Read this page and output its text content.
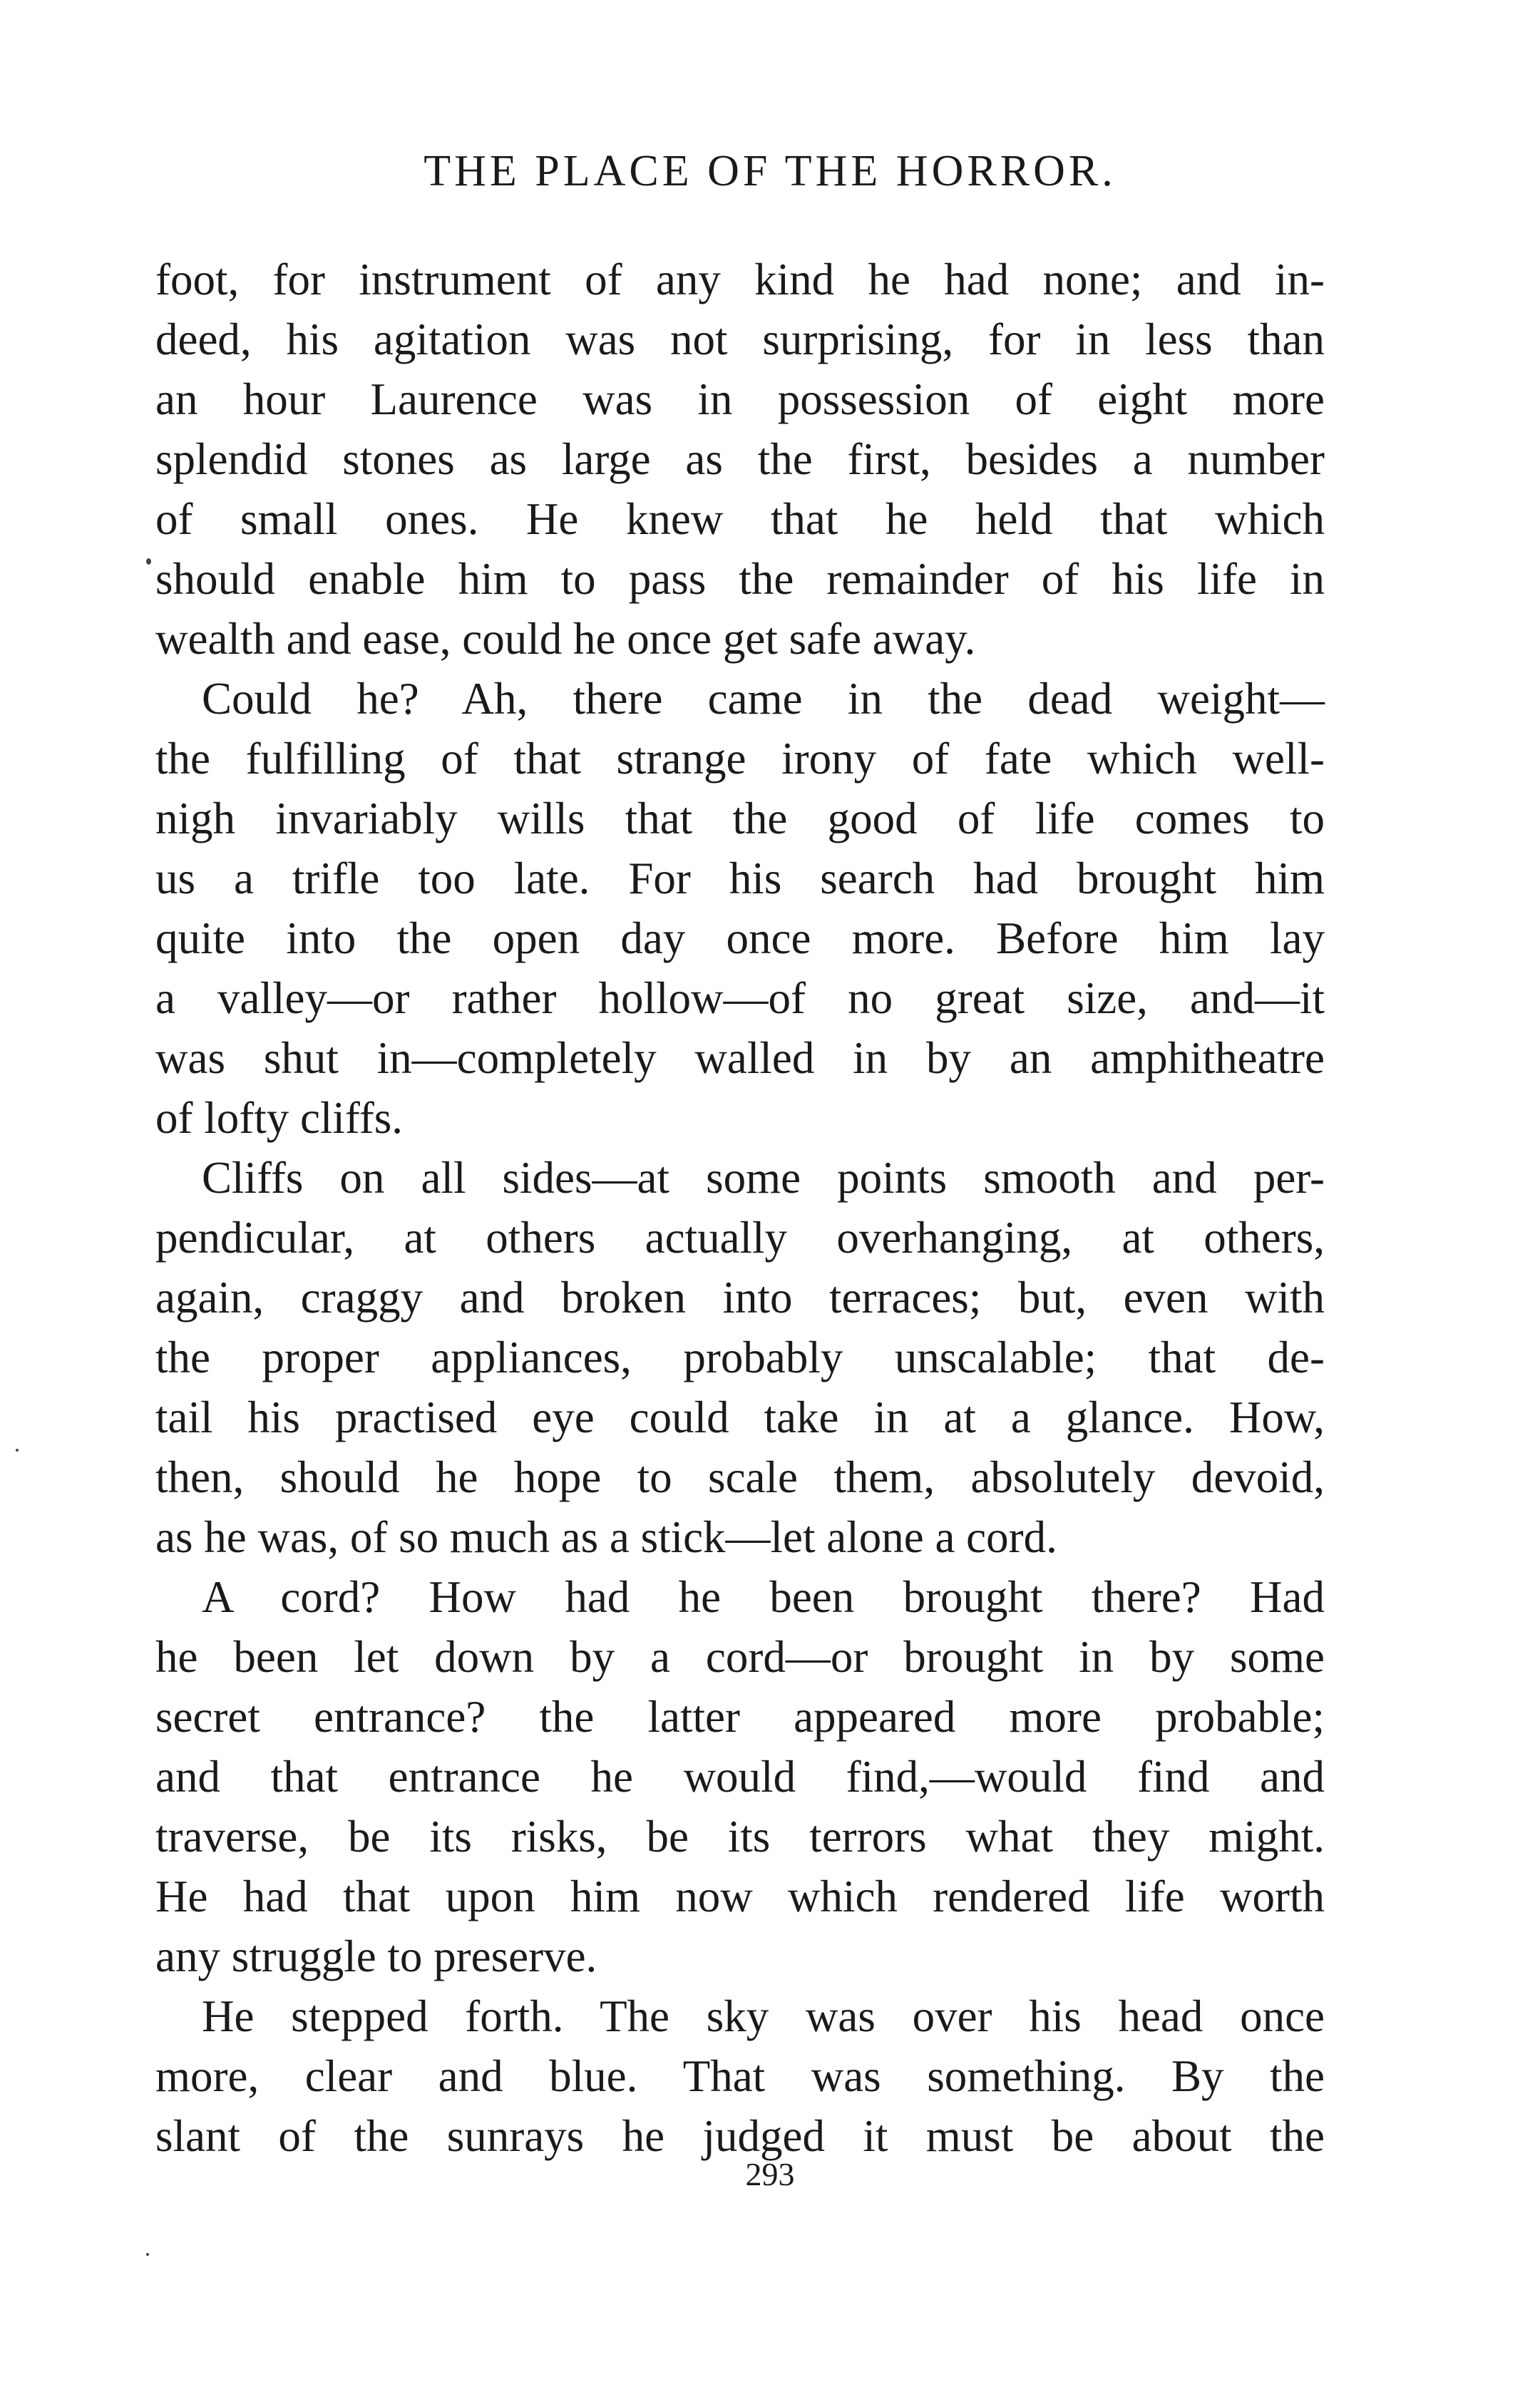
THE PLACE OF THE HORROR.
foot, for instrument of any kind he had none; and in-
deed, his agitation was not surprising, for in less than
an hour Laurence was in possession of eight more
splendid stones as large as the first, besides a number
of small ones. He knew that he held that which
should enable him to pass the remainder of his life in
wealth and ease, could he once get safe away.
Could he? Ah, there came in the dead weight—
the fulfilling of that strange irony of fate which well-
nigh invariably wills that the good of life comes to
us a trifle too late. For his search had brought him
quite into the open day once more. Before him lay
a valley—or rather hollow—of no great size, and—it
was shut in—completely walled in by an amphitheatre
of lofty cliffs.
Cliffs on all sides—at some points smooth and per-
pendicular, at others actually overhanging, at others,
again, craggy and broken into terraces; but, even with
the proper appliances, probably unscalable; that de-
tail his practised eye could take in at a glance. How,
then, should he hope to scale them, absolutely devoid,
as he was, of so much as a stick—let alone a cord.
A cord? How had he been brought there? Had
he been let down by a cord—or brought in by some
secret entrance? the latter appeared more probable;
and that entrance he would find,—would find and
traverse, be its risks, be its terrors what they might.
He had that upon him now which rendered life worth
any struggle to preserve.
He stepped forth. The sky was over his head once
more, clear and blue. That was something. By the
slant of the sunrays he judged it must be about the
293
